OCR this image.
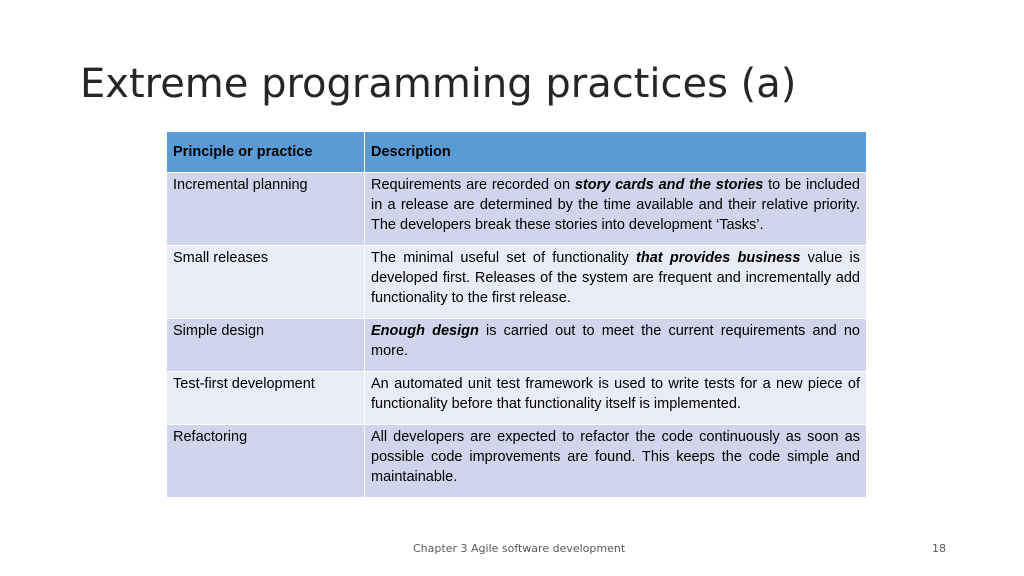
Extreme programming practices (a)
Principle or practice	Description
Incremental planning	Requirements are recorded on story cards and the stories to be included in a release are determined by the time available and their relative priority. The developers break these stories into development ‘Tasks’.
Small releases	The minimal useful set of functionality that provides business value is developed first. Releases of the system are frequent and incrementally add functionality to the first release.
Simple design	Enough design is carried out to meet the current requirements and no more.
Test-first development	An automated unit test framework is used to write tests for a new piece of functionality before that functionality itself is implemented.
Refactoring	All developers are expected to refactor the code continuously as soon as possible code improvements are found. This keeps the code simple and maintainable.
Chapter 3 Agile software development	18
